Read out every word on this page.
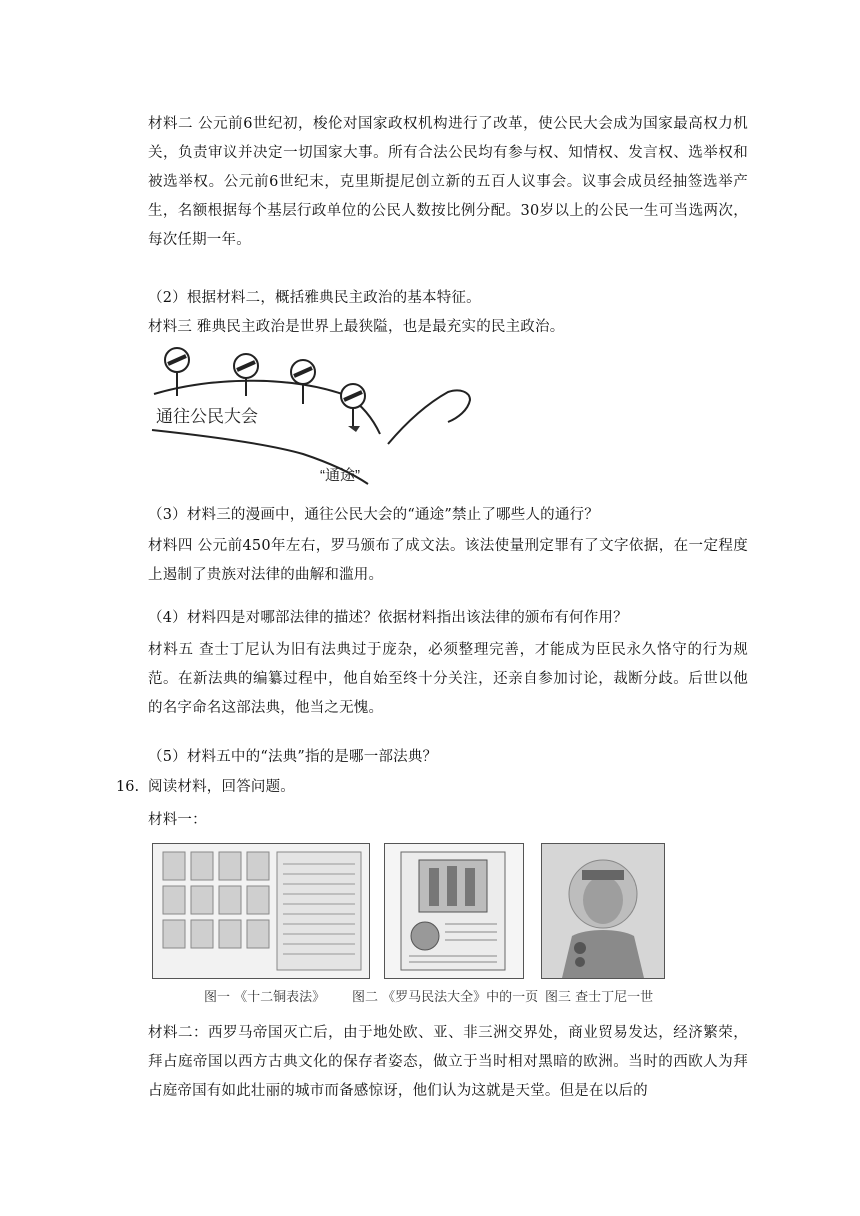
材料二 公元前6世纪初，梭伦对国家政权机构进行了改革，使公民大会成为国家最高权力机关，负责审议并决定一切国家大事。所有合法公民均有参与权、知情权、发言权、选举权和被选举权。公元前6世纪末，克里斯提尼创立新的五百人议事会。议事会成员经抽签选举产生，名额根据每个基层行政单位的公民人数按比例分配。30岁以上的公民一生可当选两次，每次任期一年。

（2）根据材料二，概括雅典民主政治的基本特征。

材料三 雅典民主政治是世界上最狭隘，也是最充实的民主政治。

通往公民大会
“通途”

（3）材料三的漫画中，通往公民大会的“通途”禁止了哪些人的通行？

材料四 公元前450年左右，罗马颁布了成文法。该法使量刑定罪有了文字依据，在一定程度上遏制了贵族对法律的曲解和滥用。

（4）材料四是对哪部法律的描述？依据材料指出该法律的颁布有何作用？

材料五 查士丁尼认为旧有法典过于庞杂，必须整理完善，才能成为臣民永久恪守的行为规范。在新法典的编纂过程中，他自始至终十分关注，还亲自参加讨论，裁断分歧。后世以他的名字命名这部法典，他当之无愧。

（5）材料五中的“法典”指的是哪一部法典？

16. 阅读材料，回答问题。

材料一：

图一 《十二铜表法》 图二 《罗马民法大全》中的一页 图三 查士丁尼一世

材料二：西罗马帝国灭亡后，由于地处欧、亚、非三洲交界处，商业贸易发达，经济繁荣，拜占庭帝国以西方古典文化的保存者姿态，做立于当时相对黑暗的欧洲。当时的西欧人为拜占庭帝国有如此壮丽的城市而备感惊讶，他们认为这就是天堂。但是在以后的
